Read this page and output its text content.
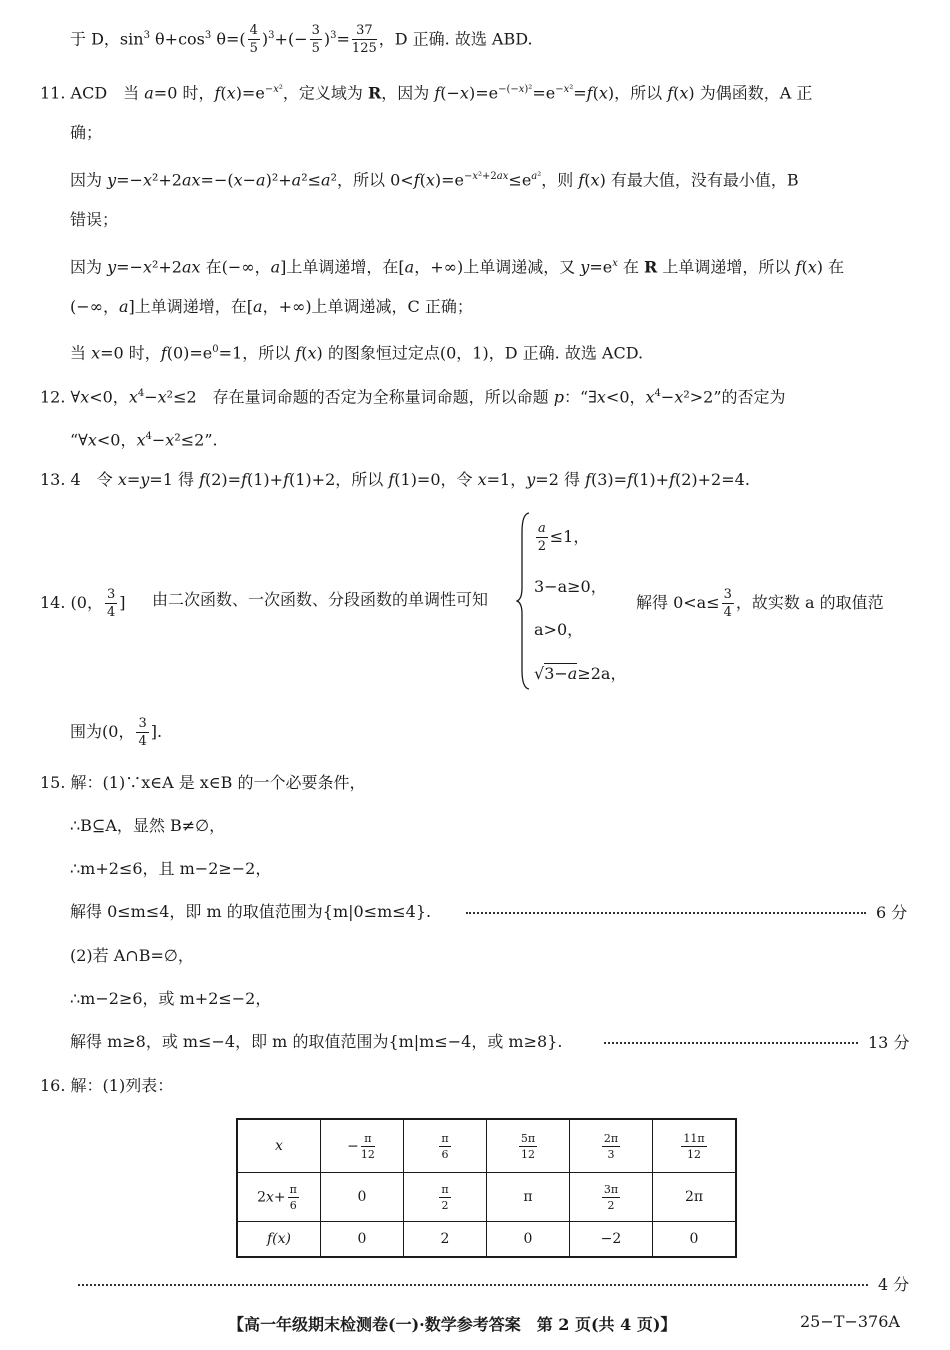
于 D，$\sin^3 \theta+\cos^3$ $\theta=( \frac{4}{5} )^3+(- \frac{3}{5} )^3= \frac{37}{125}$ ，D 正确. 故选 ABD.
11. ACD　当 a=0 时，$f(x)=e^{-x^2}$，定义域为 R，因为 $f(-x)=e^{-(-x)^2}=e^{-x^2}=f(x)$，所以 f(x) 为偶函数，A 正
确；
因为 y=−x²+2ax=−(x−a)²+a²≤a²，所以 $0<f(x)=e^{-x^2+2ax}\le e^{a^2}$，则 f(x) 有最大值，没有最小值，B
错误；
因为 y=−x²+2ax 在(−∞，a]上单调递增，在[a，+∞)上单调递减，又 $y=e^x$ 在 R 上单调递增，所以 f(x) 在
(−∞，a]上单调递增，在[a，+∞)上单调递减，C 正确；
当 x=0 时，$f(0)=e^0=1$，所以 f(x) 的图象恒过定点(0，1)，D 正确. 故选 ACD.
12. ∀x<0，$x^4-x^2\le 2$　存在量词命题的否定为全称量词命题，所以命题 p：“∃x<0，$x^4-x^2>2$”的否定为
“∀x<0，$x^4-x^2\le 2$”.
13. 4　令 x=y=1 得 f(2)=f(1)+f(1)+2，所以 f(1)=0，令 x=1，y=2 得 f(3)=f(1)+f(2)+2=4.
14. (0， $\frac{3}{4}$ ] 由二次函数、一次函数、分段函数的单调性可知
$\frac{a}{2} \le 1$，
3−a≥0，
a>0，
√3−a≥2a，
解得 $0<a\le \frac{3}{4}$ ，故实数 a 的取值范
围为(0， $\frac{3}{4}$ ].
15. 解：(1)∵x∈A 是 x∈B 的一个必要条件，
∴B⊆A，显然 B≠∅，
∴m+2≤6，且 m−2≥−2，
解得 0≤m≤4，即 m 的取值范围为{m|0≤m≤4}.	6 分
(2)若 A∩B=∅，
∴m−2≥6，或 m+2≤−2，
解得 m≥8，或 m≤−4，即 m 的取值范围为{m|m≤−4，或 m≥8}.	13 分
16. 解：(1)列表：
x	− $\frac{\pi}{12}$	$\frac{\pi}{6}$	$\frac{5\pi}{12}$	$\frac{2\pi}{3}$	$\frac{11\pi}{12}$

$2x+ \frac{\pi}{6}$	0	$\frac{\pi}{2}$	π	$\frac{3\pi}{2}$	2π
f(x)	0	2	0	−2	0
4 分
【高一年级期末检测卷(一)·数学参考答案　第 2 页(共 4 页)】	25−T−376A
